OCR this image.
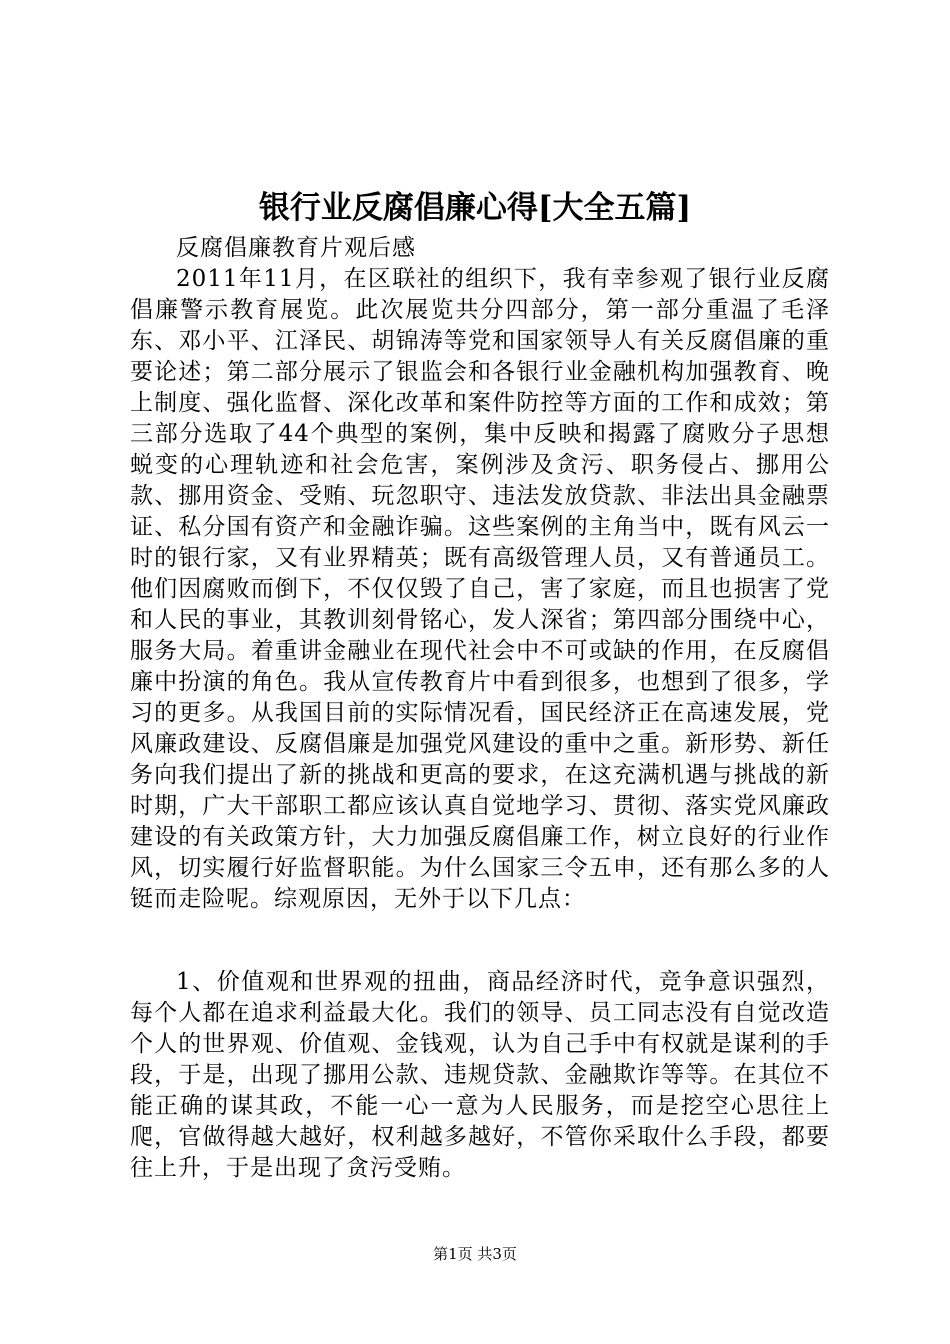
银行业反腐倡廉心得[大全五篇]
反腐倡廉教育片观后感
2011年11月，在区联社的组织下，我有幸参观了银行业反腐倡廉警示教育展览。此次展览共分四部分，第一部分重温了毛泽东、邓小平、江泽民、胡锦涛等党和国家领导人有关反腐倡廉的重要论述；第二部分展示了银监会和各银行业金融机构加强教育、晚上制度、强化监督、深化改革和案件防控等方面的工作和成效；第三部分选取了44个典型的案例，集中反映和揭露了腐败分子思想蜕变的心理轨迹和社会危害，案例涉及贪污、职务侵占、挪用公款、挪用资金、受贿、玩忽职守、违法发放贷款、非法出具金融票证、私分国有资产和金融诈骗。这些案例的主角当中，既有风云一时的银行家，又有业界精英；既有高级管理人员，又有普通员工。他们因腐败而倒下，不仅仅毁了自己，害了家庭，而且也损害了党和人民的事业，其教训刻骨铭心，发人深省；第四部分围绕中心，服务大局。着重讲金融业在现代社会中不可或缺的作用，在反腐倡廉中扮演的角色。我从宣传教育片中看到很多，也想到了很多，学习的更多。从我国目前的实际情况看，国民经济正在高速发展，党风廉政建设、反腐倡廉是加强党风建设的重中之重。新形势、新任务向我们提出了新的挑战和更高的要求，在这充满机遇与挑战的新时期，广大干部职工都应该认真自觉地学习、贯彻、落实党风廉政建设的有关政策方针，大力加强反腐倡廉工作，树立良好的行业作风，切实履行好监督职能。为什么国家三令五申，还有那么多的人铤而走险呢。综观原因，无外于以下几点：
1、价值观和世界观的扭曲，商品经济时代，竞争意识强烈，每个人都在追求利益最大化。我们的领导、员工同志没有自觉改造个人的世界观、价值观、金钱观，认为自己手中有权就是谋利的手段，于是，出现了挪用公款、违规贷款、金融欺诈等等。在其位不能正确的谋其政，不能一心一意为人民服务，而是挖空心思往上爬，官做得越大越好，权利越多越好，不管你采取什么手段，都要往上升，于是出现了贪污受贿。
第1页 共3页
